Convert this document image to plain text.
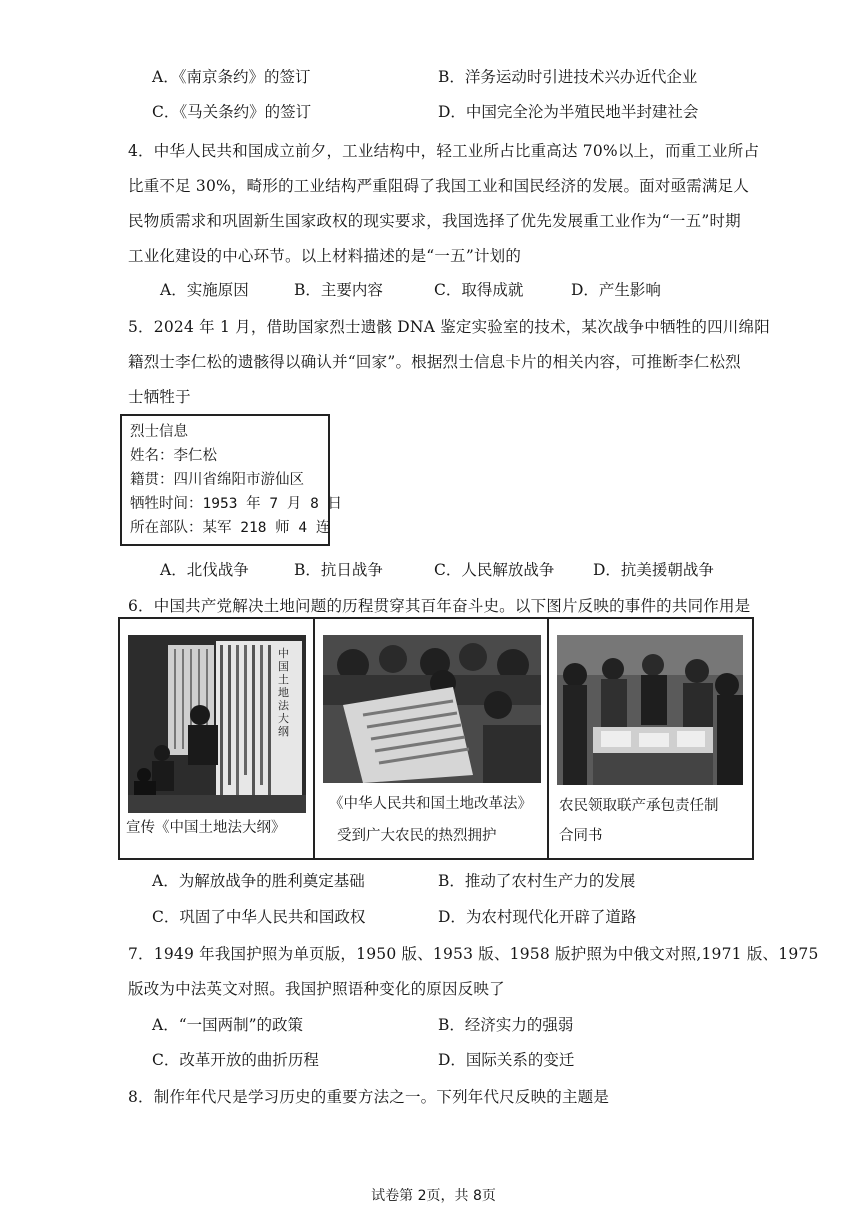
A．《南京条约》的签订	B．洋务运动时引进技术兴办近代企业
C．《马关条约》的签订	D．中国完全沦为半殖民地半封建社会
4．中华人民共和国成立前夕，工业结构中，轻工业所占比重高达 70%以上，而重工业所占
比重不足 30%，畸形的工业结构严重阻碍了我国工业和国民经济的发展。面对亟需满足人
民物质需求和巩固新生国家政权的现实要求，我国选择了优先发展重工业作为“一五”时期
工业化建设的中心环节。以上材料描述的是“一五”计划的
A．实施原因	B．主要内容	C．取得成就	D．产生影响
5．2024 年 1 月，借助国家烈士遗骸 DNA 鉴定实验室的技术，某次战争中牺牲的四川绵阳
籍烈士李仁松的遗骸得以确认并“回家”。根据烈士信息卡片的相关内容，可推断李仁松烈
士牺牲于
烈士信息
姓名：李仁松
籍贯：四川省绵阳市游仙区
牺牲时间：1953 年 7 月 8 日
所在部队：某军 218 师 4 连
A．北伐战争	B．抗日战争	C．人民解放战争 D．抗美援朝战争
6．中国共产党解决土地问题的历程贯穿其百年奋斗史。以下图片反映的事件的共同作用是
中国土地法大纲
宣传《中国土地法大纲》
《中华人民共和国土地改革法》
受到广大农民的热烈拥护
农民领取联产承包责任制
合同书
A．为解放战争的胜利奠定基础	B．推动了农村生产力的发展
C．巩固了中华人民共和国政权	D．为农村现代化开辟了道路
7．1949 年我国护照为单页版，1950 版、1953 版、1958 版护照为中俄文对照,1971 版、1975
版改为中法英文对照。我国护照语种变化的原因反映了
A．“一国两制”的政策	B．经济实力的强弱
C．改革开放的曲折历程	D．国际关系的变迁
8．制作年代尺是学习历史的重要方法之一。下列年代尺反映的主题是
试卷第 2页，共 8页
